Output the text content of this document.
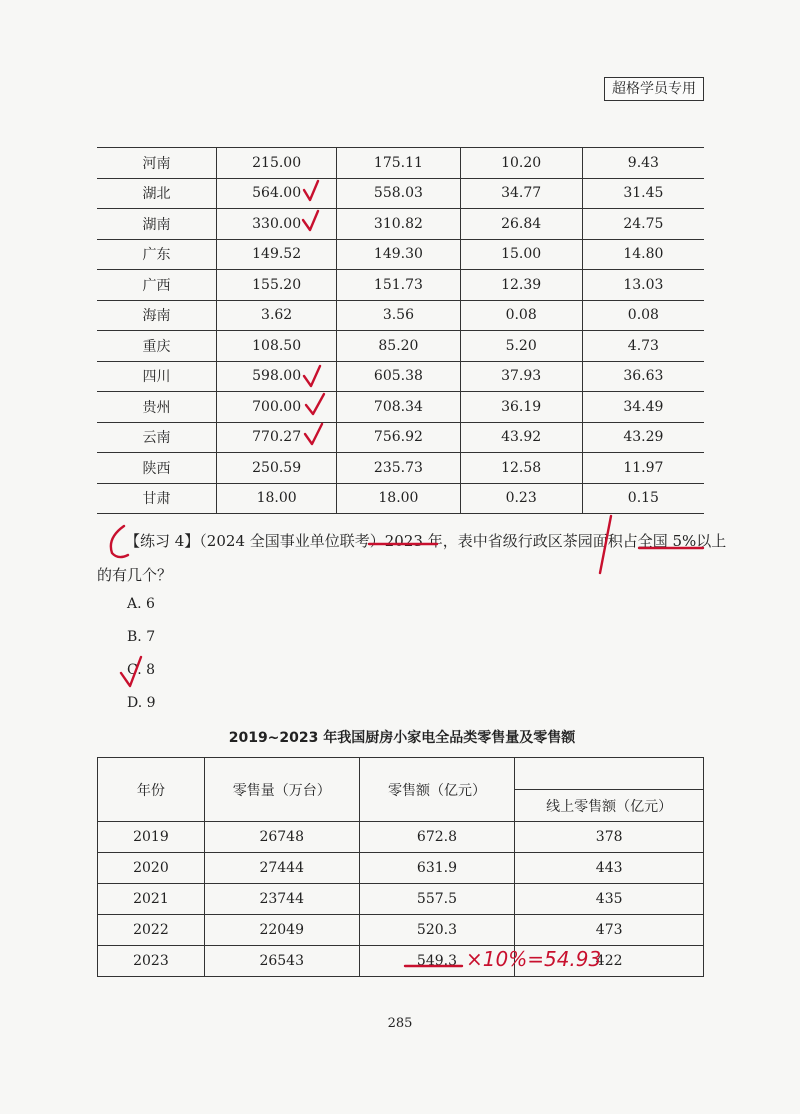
超格学员专用
河南	215.00	175.11	10.20	9.43
湖北	564.00	558.03	34.77	31.45
湖南	330.00	310.82	26.84	24.75
广东	149.52	149.30	15.00	14.80
广西	155.20	151.73	12.39	13.03
海南	3.62	3.56	0.08	0.08
重庆	108.50	85.20	5.20	4.73
四川	598.00	605.38	37.93	36.63
贵州	700.00	708.34	36.19	34.49
云南	770.27	756.92	43.92	43.29
陕西	250.59	235.73	12.58	11.97
甘肃	18.00	18.00	0.23	0.15
【练习 4】（2024 全国事业单位联考）2023 年，表中省级行政区茶园面积占全国 5%以上
的有几个？
A. 6
B. 7
C. 8
D. 9
2019~2023 年我国厨房小家电全品类零售量及零售额
年份	零售量（万台）	零售额（亿元）	
			线上零售额（亿元）
2019	26748	672.8	378
2020	27444	631.9	443
2021	23744	557.5	435
2022	22049	520.3	473
2023	26543	549.3	422
285
×10%=54.93
